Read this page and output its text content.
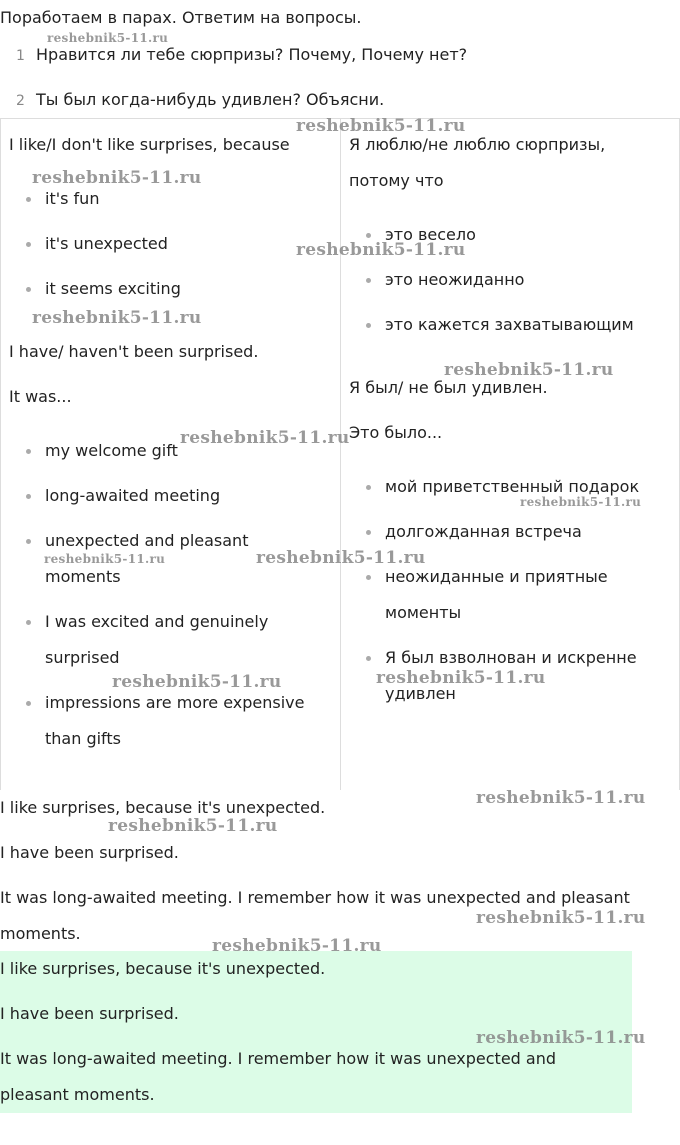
Поработаем в парах. Ответим на вопросы.
1 Нравится ли тебе сюрпризы? Почему, Почему нет?
2 Ты был когда-нибудь удивлен? Объясни.
I like/I don't like surprises, because
it's fun
it's unexpected
it seems exciting
I have/ haven't been surprised.
It was...
my welcome gift
long-awaited meeting
unexpected and pleasant
moments
I was excited and genuinely
surprised
impressions are more expensive
than gifts
Я люблю/не люблю сюрпризы,
потому что
это весело
это неожиданно
это кажется захватывающим
Я был/ не был удивлен.
Это было...
мой приветственный подарок
долгожданная встреча
неожиданные и приятные
моменты
Я был взволнован и искренне
удивлен
I like surprises, because it's unexpected.
I have been surprised.
It was long-awaited meeting. I remember how it was unexpected and pleasant
moments.
I like surprises, because it's unexpected.
I have been surprised.
It was long-awaited meeting. I remember how it was unexpected and
pleasant moments.
reshebnik5-11.ru
reshebnik5-11.ru
reshebnik5-11.ru
reshebnik5-11.ru
reshebnik5-11.ru
reshebnik5-11.ru
reshebnik5-11.ru
reshebnik5-11.ru
reshebnik5-11.ru	reshebnik5-11.ru
reshebnik5-11.ru	reshebnik5-11.ru
reshebnik5-11.ru
reshebnik5-11.ru
reshebnik5-11.ru
reshebnik5-11.ru
reshebnik5-11.ru
